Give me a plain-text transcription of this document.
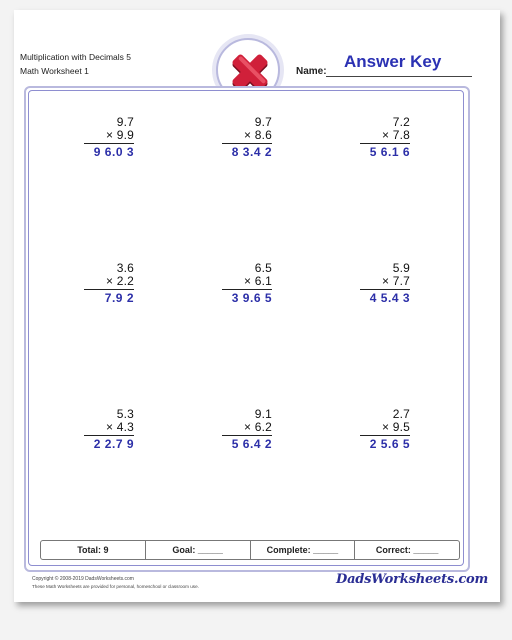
Multiplication with Decimals 5
Math Worksheet 1	Name:
Answer Key
9.7
× 9.9
9 6.0 3
9.7
× 8.6
8 3.4 2
7.2
× 7.8
5 6.1 6
3.6
× 2.2
7.9 2
6.5
× 6.1
3 9.6 5
5.9
× 7.7
4 5.4 3
5.3
× 4.3
2 2.7 9
9.1
× 6.2
5 6.4 2
2.7
× 9.5
2 5.6 5
Total: 9	Goal: _____	Complete: _____	Correct: _____
Copyright © 2008-2019 DadsWorksheets.com
These Math Worksheets are provided for personal, homeschool or classroom use.	DadsWorksheets.com
